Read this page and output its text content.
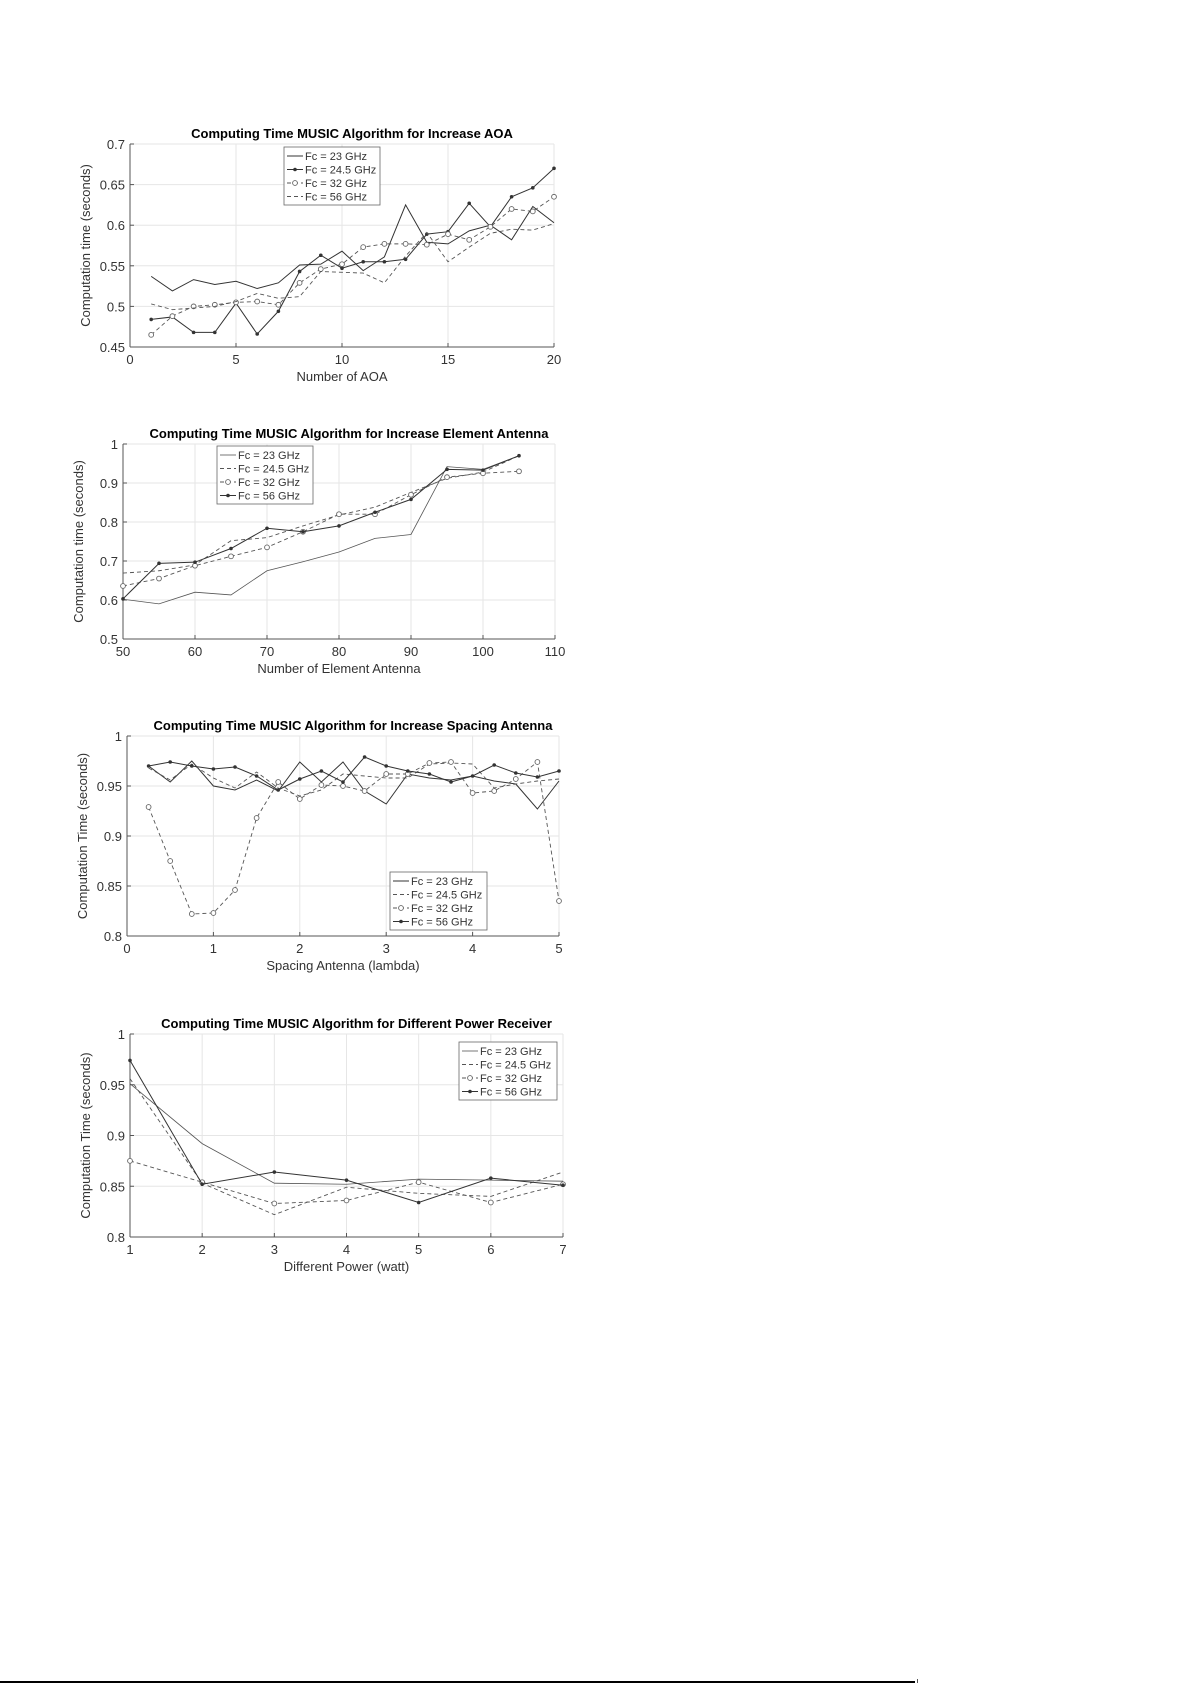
0	5	10	15	20
0.45
0.5
0.55
0.6
0.65
0.7
Computing Time MUSIC Algorithm for Increase AOA
Number of AOA
Computation time (seconds)
Fc = 23 GHz
Fc = 24.5 GHz
Fc = 32 GHz
Fc = 56 GHz
50	60	70	80	90	100	110
0.5
0.6
0.7
0.8
0.9
1
Computing Time MUSIC Algorithm for Increase Element Antenna
Number of Element Antenna
Computation time (seconds)
Fc = 23 GHz
Fc = 24.5 GHz
Fc = 32 GHz
Fc = 56 GHz
0	1	2	3	4	5
0.8
0.85
0.9
0.95
1
Computing Time MUSIC Algorithm for Increase Spacing Antenna
Spacing Antenna (lambda)
Computation Time (seconds)	Fc = 23 GHz
Fc = 24.5 GHz
Fc = 32 GHz
Fc = 56 GHz
1	2	3	4	5	6	7
0.8
0.85
0.9
0.95
1
Computing Time MUSIC Algorithm for Different Power Receiver
Different Power (watt)
Computation Time (seconds)
Fc = 23 GHz
Fc = 24.5 GHz
Fc = 32 GHz
Fc = 56 GHz
